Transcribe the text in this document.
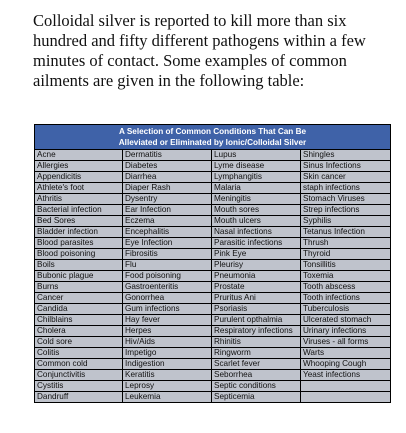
Colloidal silver is reported to kill more than six hundred and fifty different pathogens within a few minutes of contact. Some examples of common ailments are given in the following table:

A Selection of Common Conditions That Can Be
Alleviated or Eliminated by Ionic/Colloidal Silver
Acne	Dermatitis	Lupus	Shingles
Allergies	Diabetes	Lyme disease	Sinus Infections
Appendicitis	Diarrhea	Lymphangitis	Skin cancer
Athlete's foot	Diaper Rash	Malaria	staph infections
Athritis	Dysentry	Meningitis	Stomach Viruses
Bacterial infection	Ear Infection	Mouth sores	Strep infections
Bed Sores	Eczema	Mouth ulcers	Syphilis
Bladder infection	Encephalitis	Nasal infections	Tetanus Infection
Blood parasites	Eye Infection	Parasitic infections	Thrush
Blood poisoning	Fibrositis	Pink Eye	Thyroid
Boils	Flu	Pleurisy	Tonsillitis
Bubonic plague	Food poisoning	Pneumonia	Toxemia
Burns	Gastroenteritis	Prostate	Tooth abscess
Cancer	Gonorrhea	Pruritus Ani	Tooth infections
Candida	Gum infections	Psoriasis	Tuberculosis
Chilblains	Hay fever	Purulent opthalmia	Ulcerated stomach
Cholera	Herpes	Respiratory infections	Urinary infections
Cold sore	Hiv/Aids	Rhinitis	Viruses - all forms
Colitis	Impetigo	Ringworm	Warts
Common cold	Indigestion	Scarlet fever	Whooping Cough
Conjunctivitis	Keratitis	Seborrhea	Yeast infections
Cystitis	Leprosy	Septic conditions	
Dandruff	Leukemia	Septicemia	
